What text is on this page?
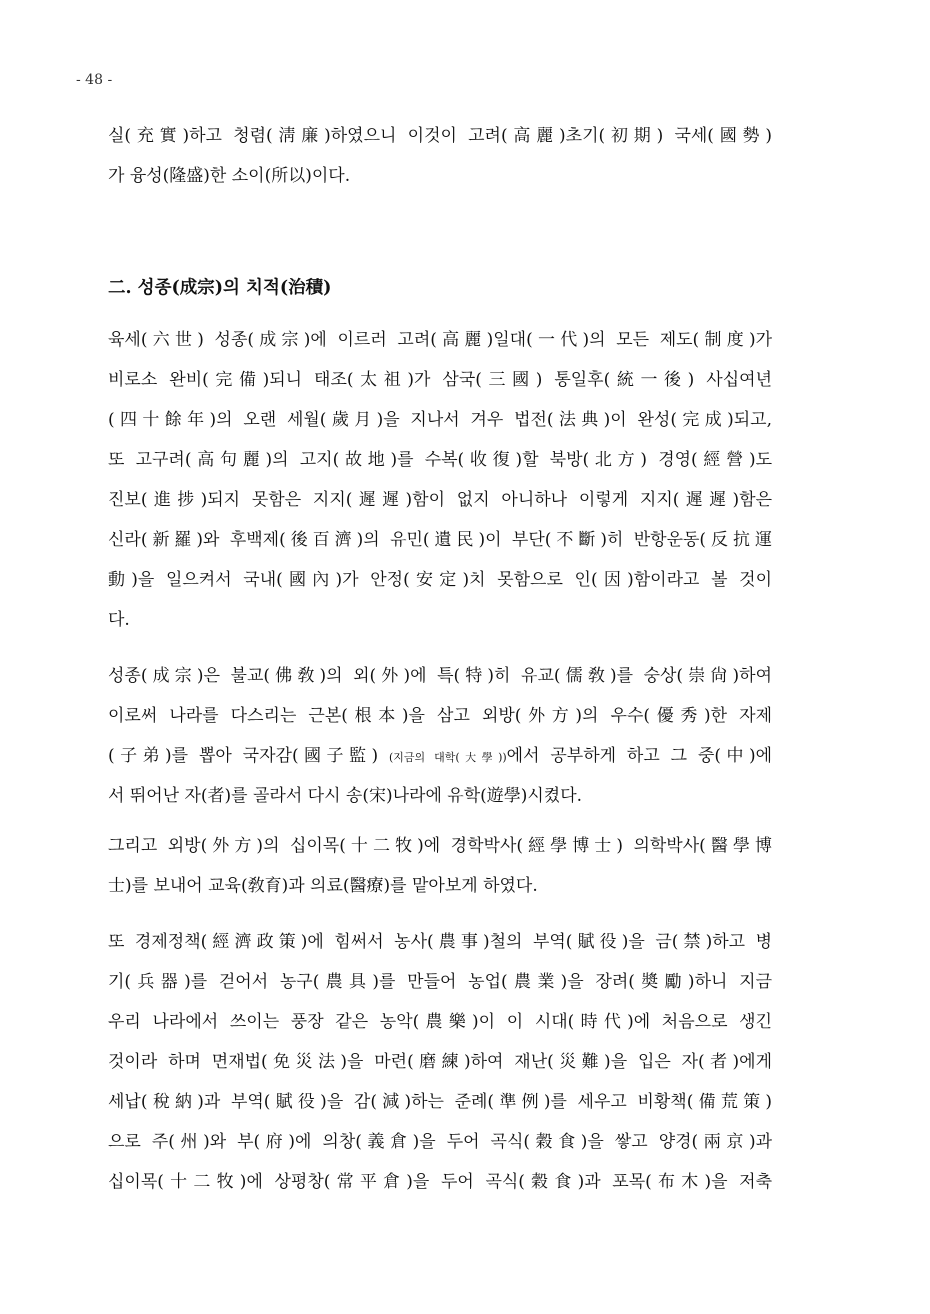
- 48 -
실(充實)하고 청렴(淸廉)하였으니 이것이 고려(高麗)초기(初期) 국세(國勢)
가 융성(隆盛)한 소이(所以)이다.
二. 성종(成宗)의 치적(治積)
육세(六世) 성종(成宗)에 이르러 고려(高麗)일대(一代)의 모든 제도(制度)가
비로소 완비(完備)되니 태조(太祖)가 삼국(三國) 통일후(統一後) 사십여년
(四十餘年)의 오랜 세월(歲月)을 지나서 겨우 법전(法典)이 완성(完成)되고,
또 고구려(高句麗)의 고지(故地)를 수복(收復)할 북방(北方) 경영(經營)도
진보(進捗)되지 못함은 지지(遲遲)함이 없지 아니하나 이렇게 지지(遲遲)함은
신라(新羅)와 후백제(後百濟)의 유민(遺民)이 부단(不斷)히 반항운동(反抗運
動)을 일으켜서 국내(國內)가 안정(安定)치 못함으로 인(因)함이라고 볼 것이
다.
성종(成宗)은 불교(佛敎)의 외(外)에 특(特)히 유교(儒敎)를 숭상(崇尙)하여
이로써 나라를 다스리는 근본(根本)을 삼고 외방(外方)의 우수(優秀)한 자제
(子弟)를 뽑아 국자감(國子監) (지금의 대학(大學))에서 공부하게 하고 그 중(中)에
서 뛰어난 자(者)를 골라서 다시 송(宋)나라에 유학(遊學)시켰다.
그리고 외방(外方)의 십이목(十二牧)에 경학박사(經學博士) 의학박사(醫學博
士)를 보내어 교육(敎育)과 의료(醫療)를 맡아보게 하였다.
또 경제정책(經濟政策)에 힘써서 농사(農事)철의 부역(賦役)을 금(禁)하고 병
기(兵器)를 걷어서 농구(農具)를 만들어 농업(農業)을 장려(奬勵)하니 지금
우리 나라에서 쓰이는 풍장 같은 농악(農樂)이 이 시대(時代)에 처음으로 생긴
것이라 하며 면재법(免災法)을 마련(磨練)하여 재난(災難)을 입은 자(者)에게
세납(稅納)과 부역(賦役)을 감(減)하는 준례(準例)를 세우고 비황책(備荒策)
으로 주(州)와 부(府)에 의창(義倉)을 두어 곡식(穀食)을 쌓고 양경(兩京)과
십이목(十二牧)에 상평창(常平倉)을 두어 곡식(穀食)과 포목(布木)을 저축
